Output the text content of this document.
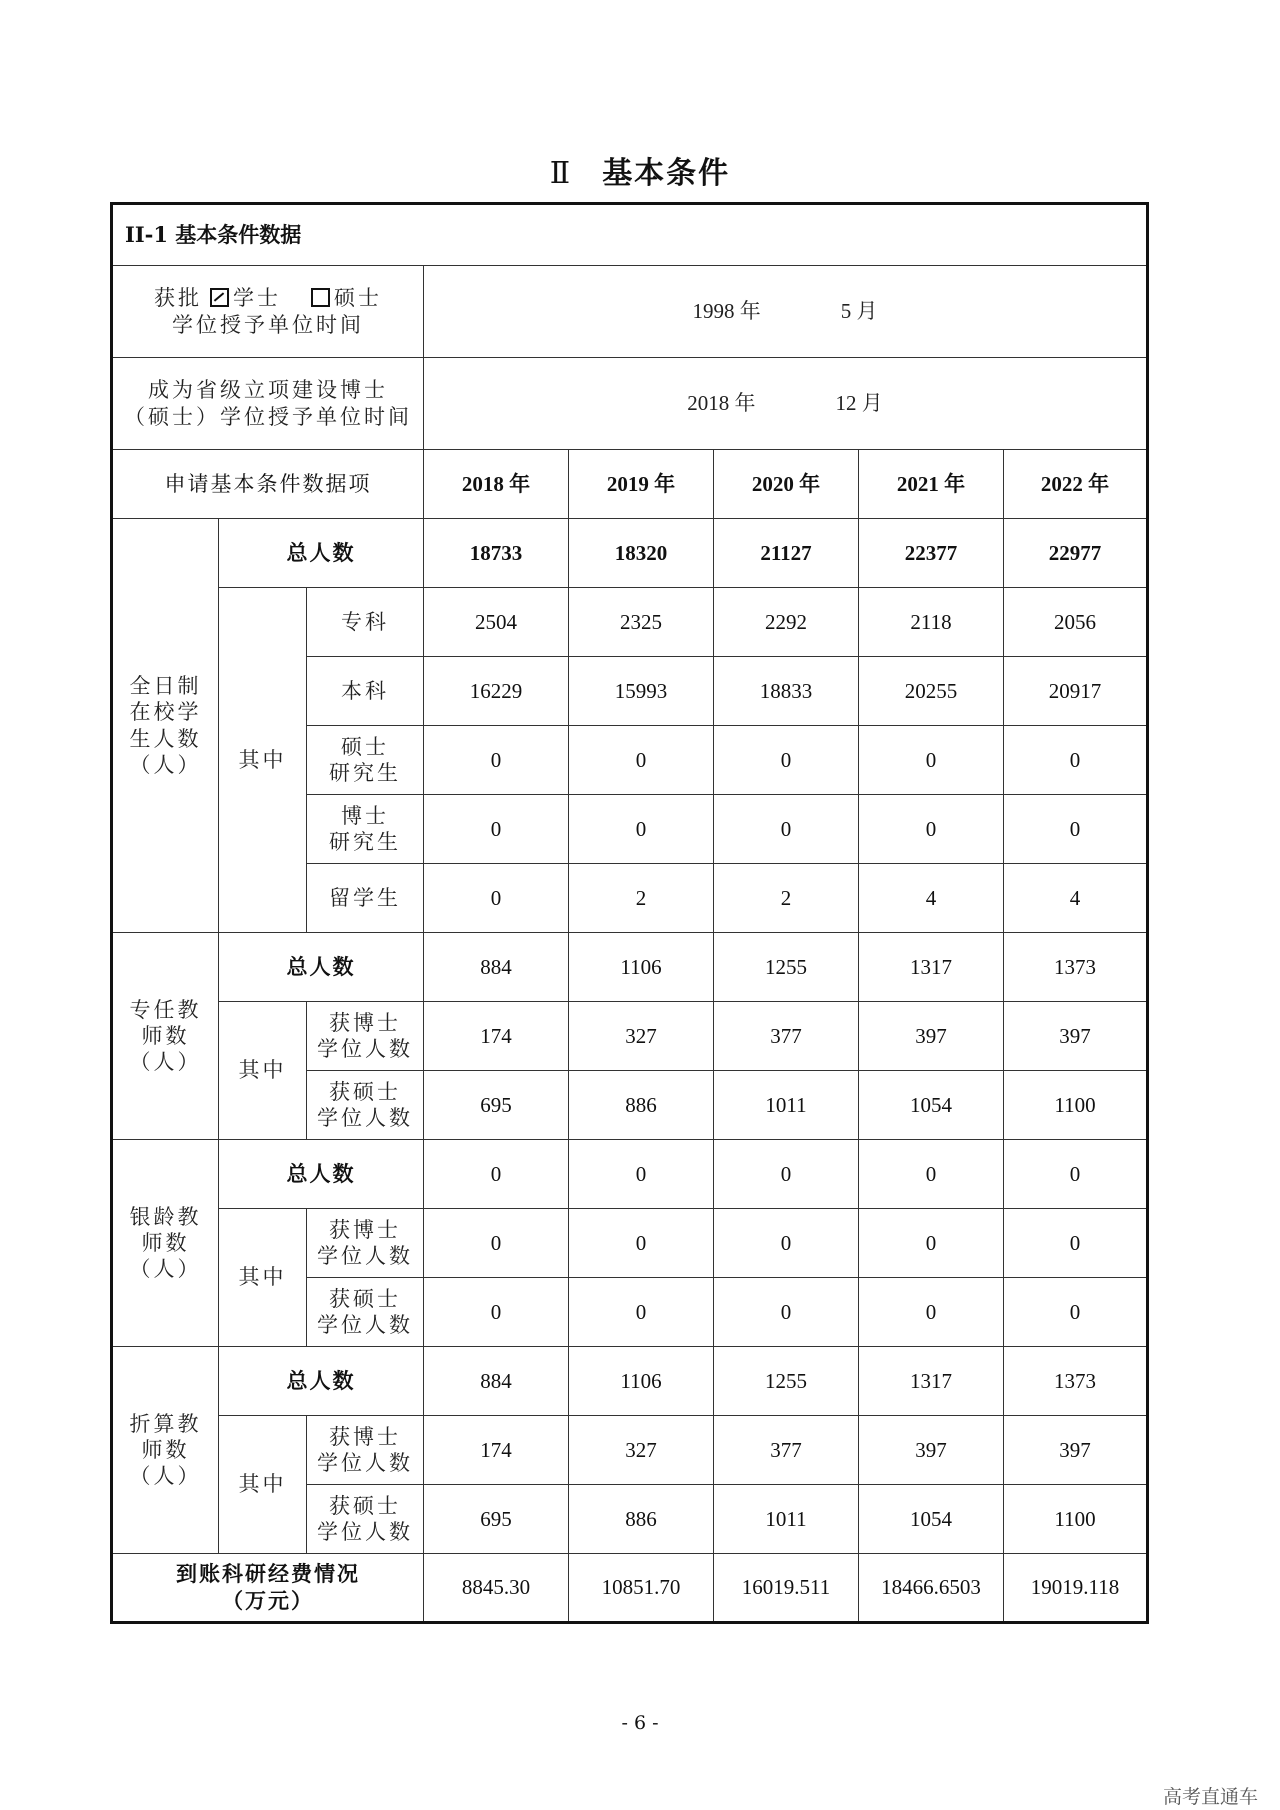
Ⅱ 基本条件
II-1 基本条件数据							

获批 学士 硕士
学位授予单位时间			1998 年 5 月				

成为省级立项建设博士
（硕士）学位授予单位时间			2018 年 12 月				
申请基本条件数据项			2018 年	2019 年	2020 年	2021 年	2022 年

全日制
在校学
生人数
（人）	总人数		18733	18320	21127	22377	22977
	其中	专科	2504	2325	2292	2118	2056
		本科	16229	15993	18833	20255	20917

		硕士
研究生	0	0	0	0	0

		博士
研究生	0	0	0	0	0
		留学生	0	2	2	4	4

专任教
师数
（人）	总人数		884	1106	1255	1317	1373
	其中	获博士
学位人数	174	327	377	397	397

		获硕士
学位人数	695	886	1011	1054	1100

银龄教
师数
（人）	总人数		0	0	0	0	0
	其中	获博士
学位人数	0	0	0	0	0

		获硕士
学位人数	0	0	0	0	0

折算教
师数
（人）	总人数		884	1106	1255	1317	1373
	其中	获博士
学位人数	174	327	377	397	397

		获硕士
学位人数	695	886	1011	1054	1100

到账科研经费情况
（万元）			8845.30	10851.70	16019.511	18466.6503	19019.118
- 6 -
高考直通车
